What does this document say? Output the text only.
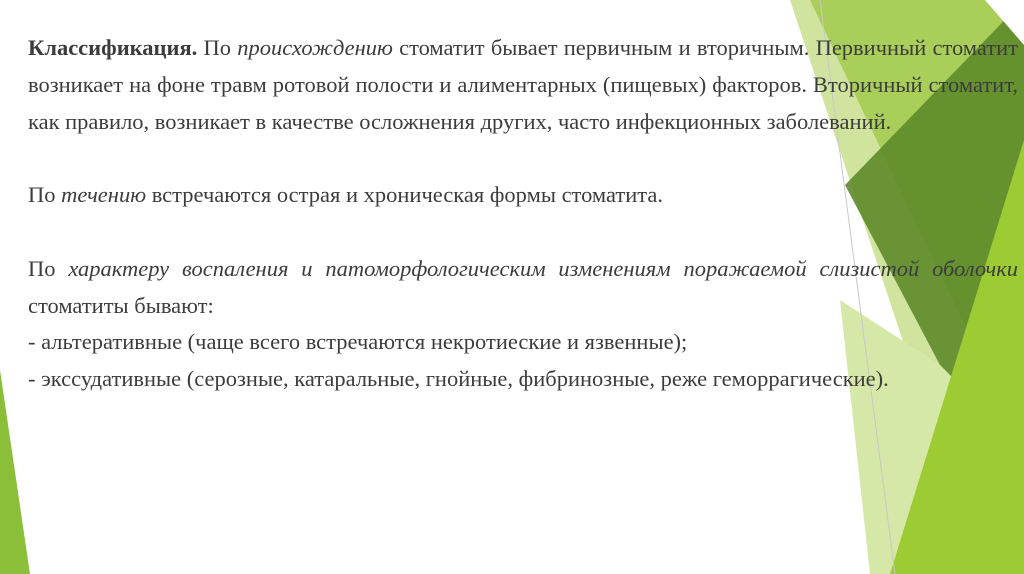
Классификация. По происхождению стоматит бывает первичным и вторичным. Первичный стоматит возникает на фоне травм ротовой полости и алиментарных (пищевых) факторов. Вторичный стоматит, как правило, возникает в качестве осложнения других, часто инфекционных заболеваний.

По течению встречаются острая и хроническая формы стоматита.

По характеру воспаления и патоморфологическим изменениям поражаемой слизистой оболочки стоматиты бывают:

- альтеративные (чаще всего встречаются некротиеские и язвенные);

- экссудативные (серозные, катаральные, гнойные, фибринозные, реже геморрагические).
